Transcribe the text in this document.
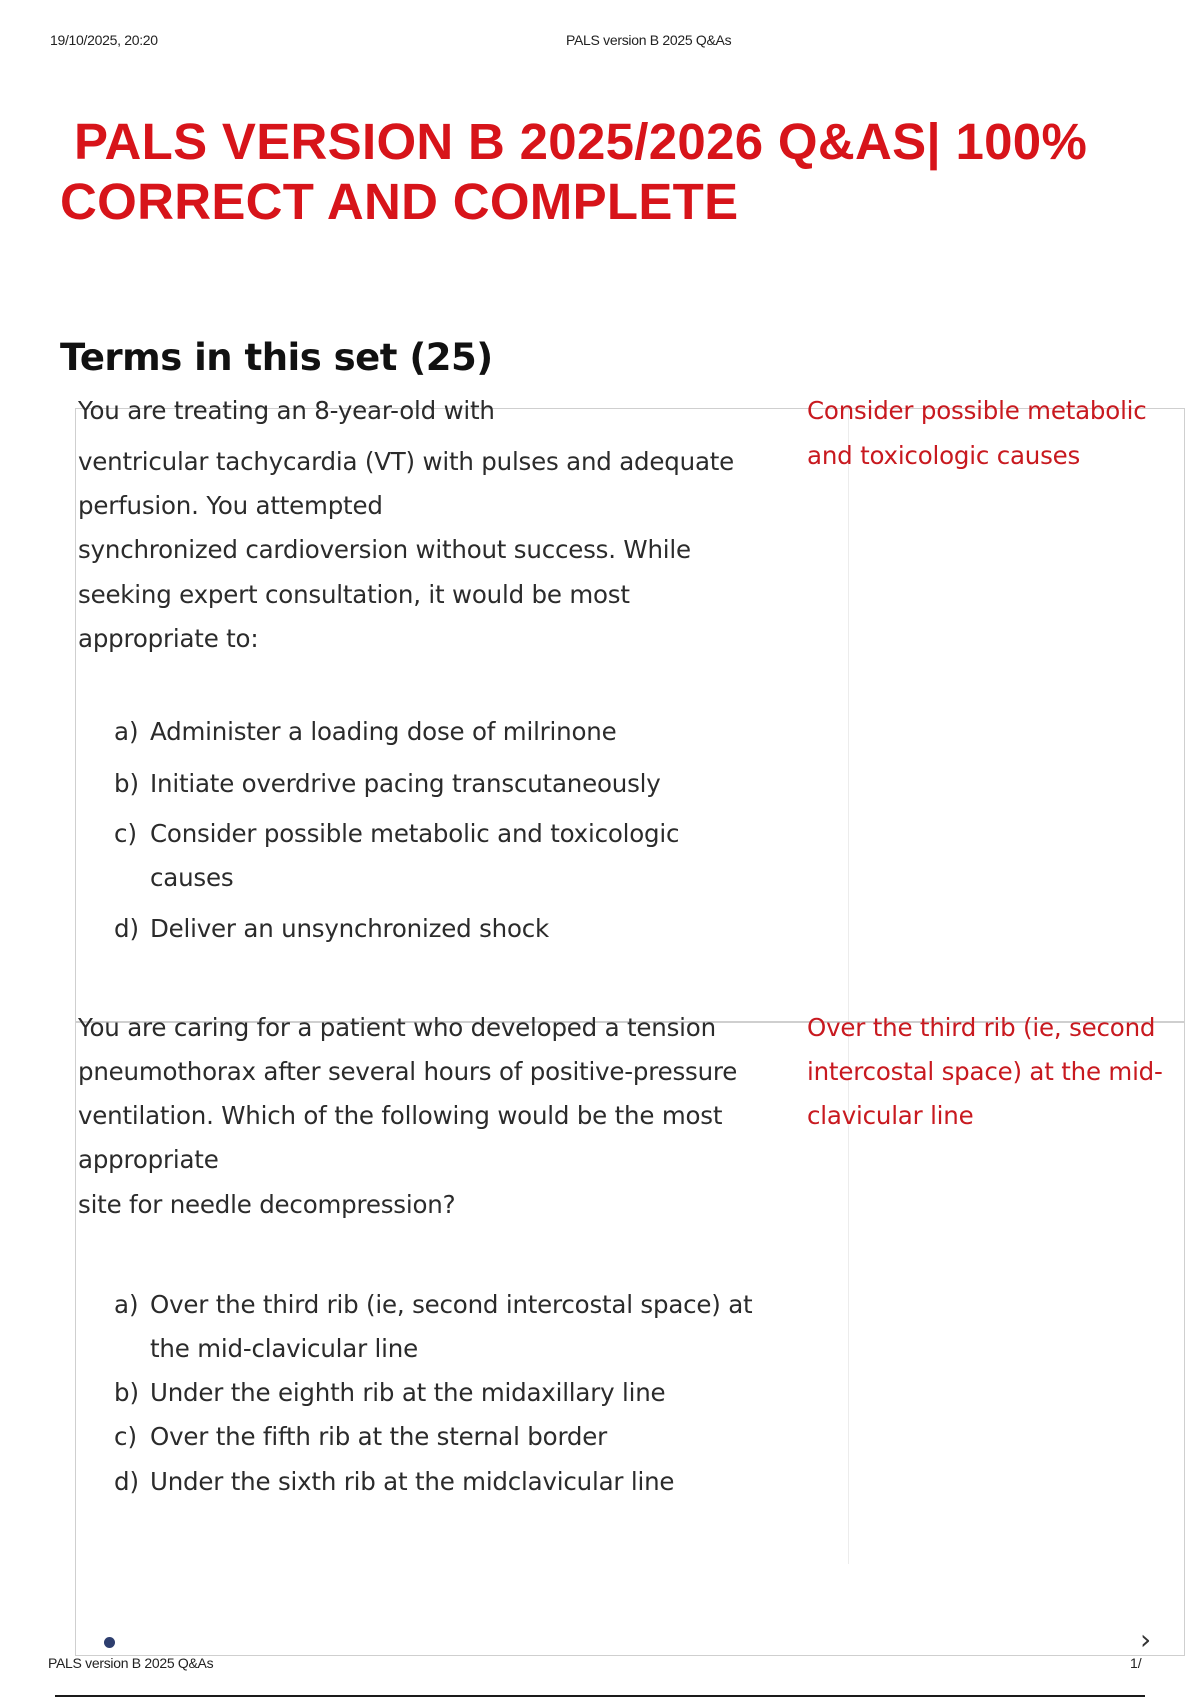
19/10/2025, 20:20	PALS version B 2025 Q&As
PALS VERSION B 2025/2026 Q&AS| 100%
CORRECT AND COMPLETE
Terms in this set (25)
You are treating an 8-year-old with
ventricular tachycardia (VT) with pulses and adequate
perfusion. You attempted
synchronized cardioversion without success. While
seeking expert consultation, it would be most
appropriate to:
a) Administer a loading dose of milrinone
b) Initiate overdrive pacing transcutaneously
c) Consider possible metabolic and toxicologic
causes
d) Deliver an unsynchronized shock
Consider possible metabolic
and toxicologic causes
You are caring for a patient who developed a tension
pneumothorax after several hours of positive-pressure
ventilation. Which of the following would be the most
appropriate
site for needle decompression?
a) Over the third rib (ie, second intercostal space) at
the mid-clavicular line
b) Under the eighth rib at the midaxillary line
c) Over the fifth rib at the sternal border
d) Under the sixth rib at the midclavicular line
Over the third rib (ie, second
intercostal space) at the mid-
clavicular line
›
PALS version B 2025 Q&As	1/
